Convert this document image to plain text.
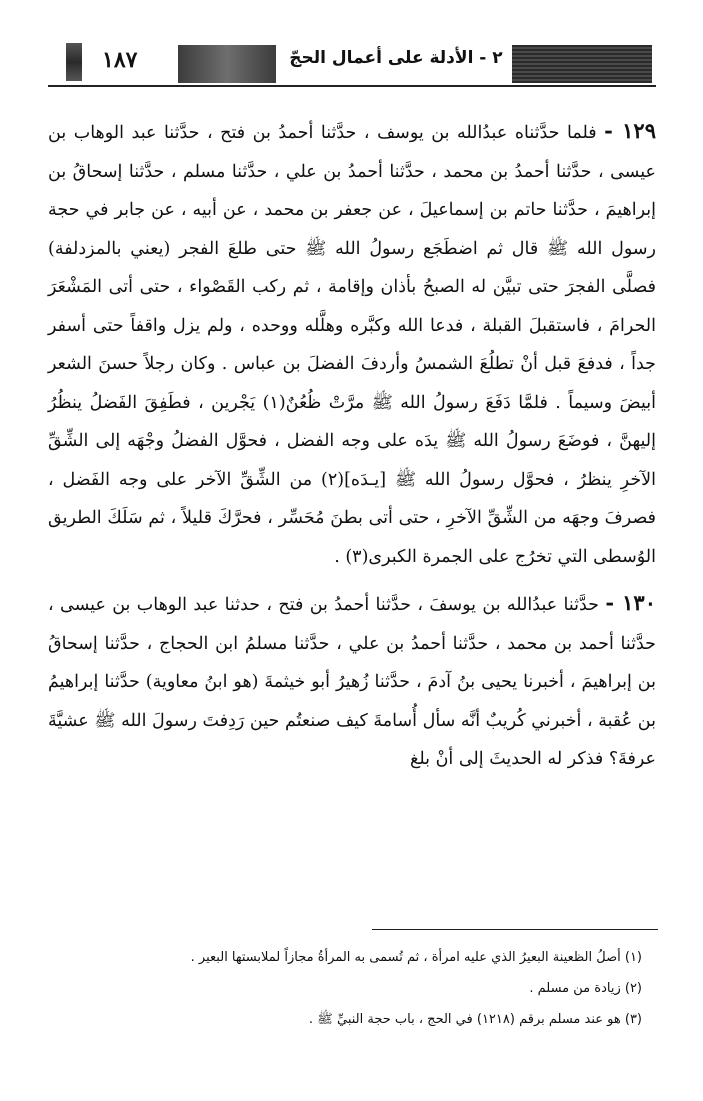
١٨٧	٢ - الأدلة على أعمال الحجّ

١٢٩ - فلما حدَّثناه عبدُالله بن يوسف ، حدَّثنا أحمدُ بن فتح ، حدَّثنا عبد الوهاب بن عيسى ، حدَّثنا أحمدُ بن محمد ، حدَّثنا أحمدُ بن علي ، حدَّثنا مسلم ، حدَّثنا إسحاقُ بن إبراهيمَ ، حدَّثنا حاتم بن إسماعيلَ ، عن جعفر بن محمد ، عن أبيه ، عن جابر في حجة رسول الله ﷺ قال ثم اضطَجَع رسولُ الله ﷺ حتى طلعَ الفجر (يعني بالمزدلفة) فصلَّى الفجرَ حتى تبيَّن له الصبحُ بأذان وإقامة ، ثم ركب القَصْواء ، حتى أتى المَشْعَرَ الحرامَ ، فاستقبلَ القبلة ، فدعا الله وكبَّره وهلَّله ووحده ، ولم يزل واقفاً حتى أسفر جداً ، فدفعَ قبل أنْ تطلُعَ الشمسُ وأردفَ الفضلَ بن عباس . وكان رجلاً حسنَ الشعر أبيضَ وسيماً . فلمَّا دَفَعَ رسولُ الله ﷺ مرَّتْ ظُعُنٌ(١) يَجْرين ، فطَفِقَ الفَضلُ ينظُرُ إليهنَّ ، فوضَعَ رسولُ الله ﷺ يدَه على وجه الفضل ، فحوَّل الفضلُ وجْهَه إلى الشِّقِّ الآخرِ ينظرُ ، فحوَّل رسولُ الله ﷺ [يـدَه](٢) من الشِّقِّ الآخر على وجه الفَضل ، فصرفَ وجهَه من الشِّقِّ الآخرِ ، حتى أتى بطنَ مُحَسِّر ، فحرَّكَ قليلاً ، ثم سَلَكَ الطريق الوُسطى التي تخرُج على الجمرة الكبرى(٣) .

١٣٠ - حدَّثنا عبدُالله بن يوسفَ ، حدَّثنا أحمدُ بن فتح ، حدثنا عبد الوهاب بن عيسى ، حدَّثنا أحمد بن محمد ، حدَّثنا أحمدُ بن علي ، حدَّثنا مسلمُ ابن الحجاج ، حدَّثنا إسحاقُ بن إبراهيمَ ، أخبرنا يحيى بنُ آدمَ ، حدَّثنا زُهيرُ أبو خيثمةَ (هو ابنُ معاوية) حدَّثنا إبراهيمُ بن عُقبة ، أخبرني كُريبٌ أنَّه سأل أُسامةَ كيف صنعتُم حين رَدِفتَ رسولَ الله ﷺ عشيَّةَ عرفةَ؟ فذكر له الحديثَ إلى أنْ بلغ

(١) أصلُ الظعينة البعيرُ الذي عليه امرأة ، ثم تُسمى به المرأةُ مجازاً لملابستها البعير .

(٢) زيادة من مسلم .

(٣) هو عند مسلم برقم (١٢١٨) في الحج ، باب حجة النبيِّ ﷺ .
